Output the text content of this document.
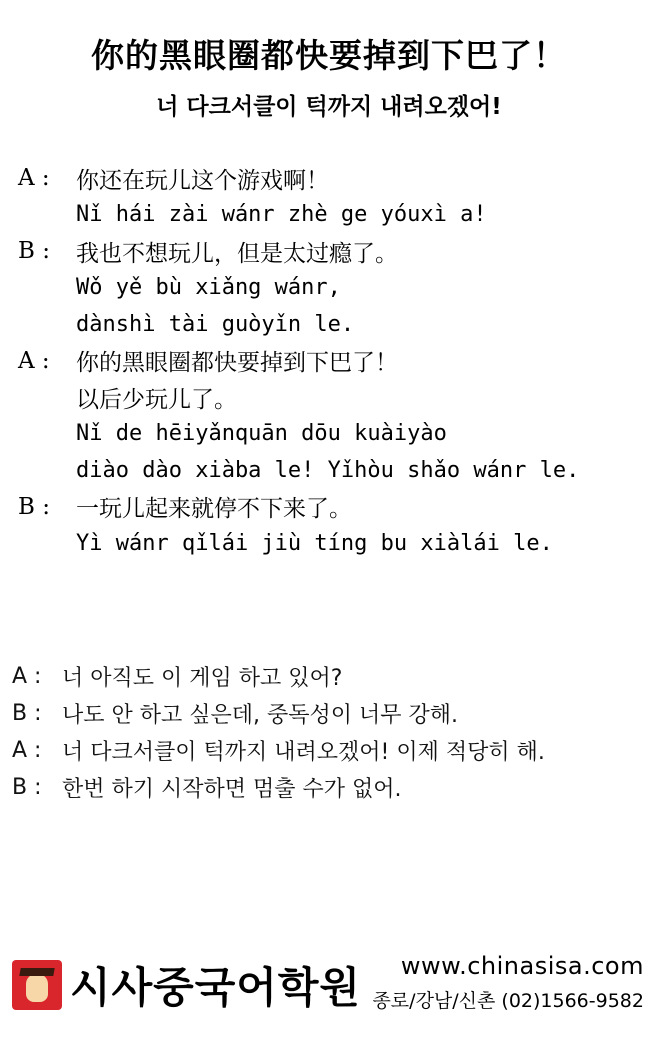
你的黑眼圈都快要掉到下巴了！
너 다크서클이 턱까지 내려오겠어!
A :	你还在玩儿这个游戏啊！
Nǐ hái zài wánr zhè ge yóuxì a!
B :	我也不想玩儿，但是太过瘾了。
Wǒ yě bù xiǎng wánr,
dànshì tài guòyǐn le.
A :	你的黑眼圈都快要掉到下巴了！
以后少玩儿了。
Nǐ de hēiyǎnquān dōu kuàiyào
diào dào xiàba le! Yǐhòu shǎo wánr le.
B :	一玩儿起来就停不下来了。
Yì wánr qǐlái jiù tíng bu xiàlái le.
A : 너 아직도 이 게임 하고 있어?
B : 나도 안 하고 싶은데, 중독성이 너무 강해.
A : 너 다크서클이 턱까지 내려오겠어! 이제 적당히 해.
B : 한번 하기 시작하면 멈출 수가 없어.
시사중국어학원	www.chinasisa.com
종로/강남/신촌 (02)1566-9582
